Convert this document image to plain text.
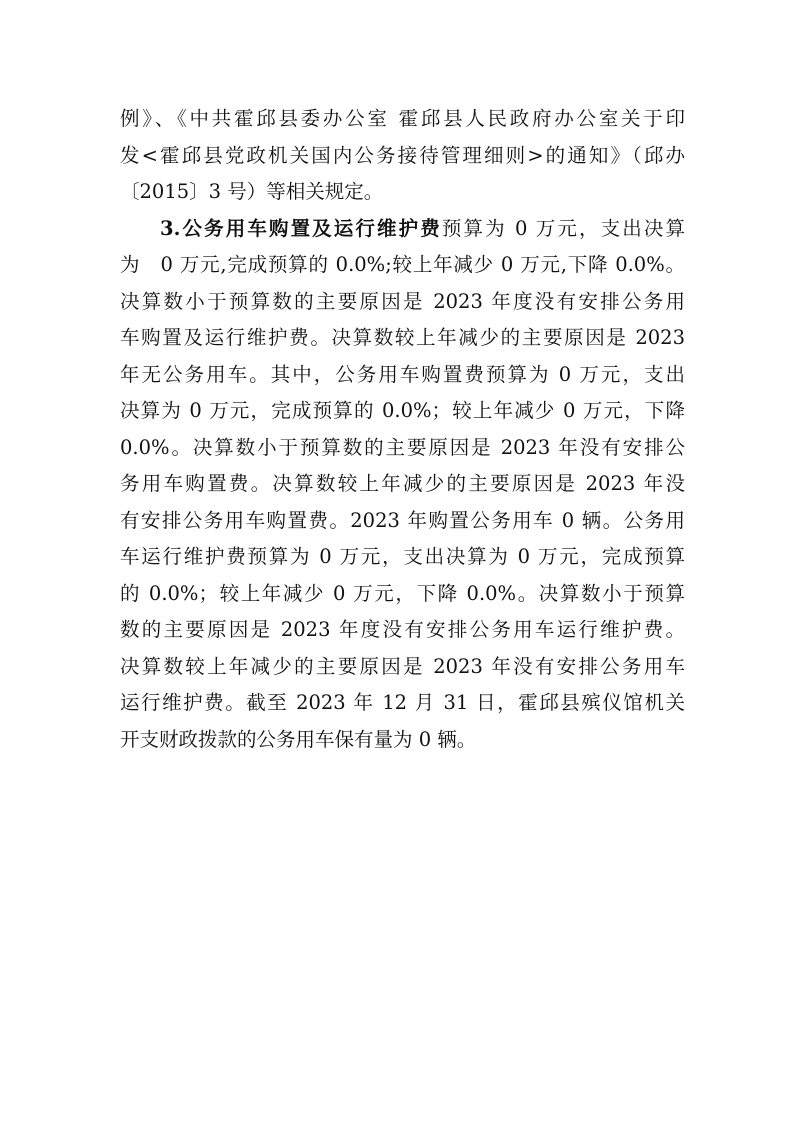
例》、《中共霍邱县委办公室 霍邱县人民政府办公室关于印
发<霍邱县党政机关国内公务接待管理细则>的通知》（邱办
〔2015〕3 号）等相关规定。
3.公务用车购置及运行维护费预算为 0 万元，支出决算
为　0 万元,完成预算的 0.0%;较上年减少 0 万元,下降 0.0%。
决算数小于预算数的主要原因是 2023 年度没有安排公务用
车购置及运行维护费。决算数较上年减少的主要原因是 2023
年无公务用车。其中，公务用车购置费预算为 0 万元，支出
决算为 0 万元，完成预算的 0.0%；较上年减少 0 万元，下降
0.0%。决算数小于预算数的主要原因是 2023 年没有安排公
务用车购置费。决算数较上年减少的主要原因是 2023 年没
有安排公务用车购置费。2023 年购置公务用车 0 辆。公务用
车运行维护费预算为 0 万元，支出决算为 0 万元，完成预算
的 0.0%；较上年减少 0 万元，下降 0.0%。决算数小于预算
数的主要原因是 2023 年度没有安排公务用车运行维护费。
决算数较上年减少的主要原因是 2023 年没有安排公务用车
运行维护费。截至 2023 年 12 月 31 日，霍邱县殡仪馆机关
开支财政拨款的公务用车保有量为 0 辆。
